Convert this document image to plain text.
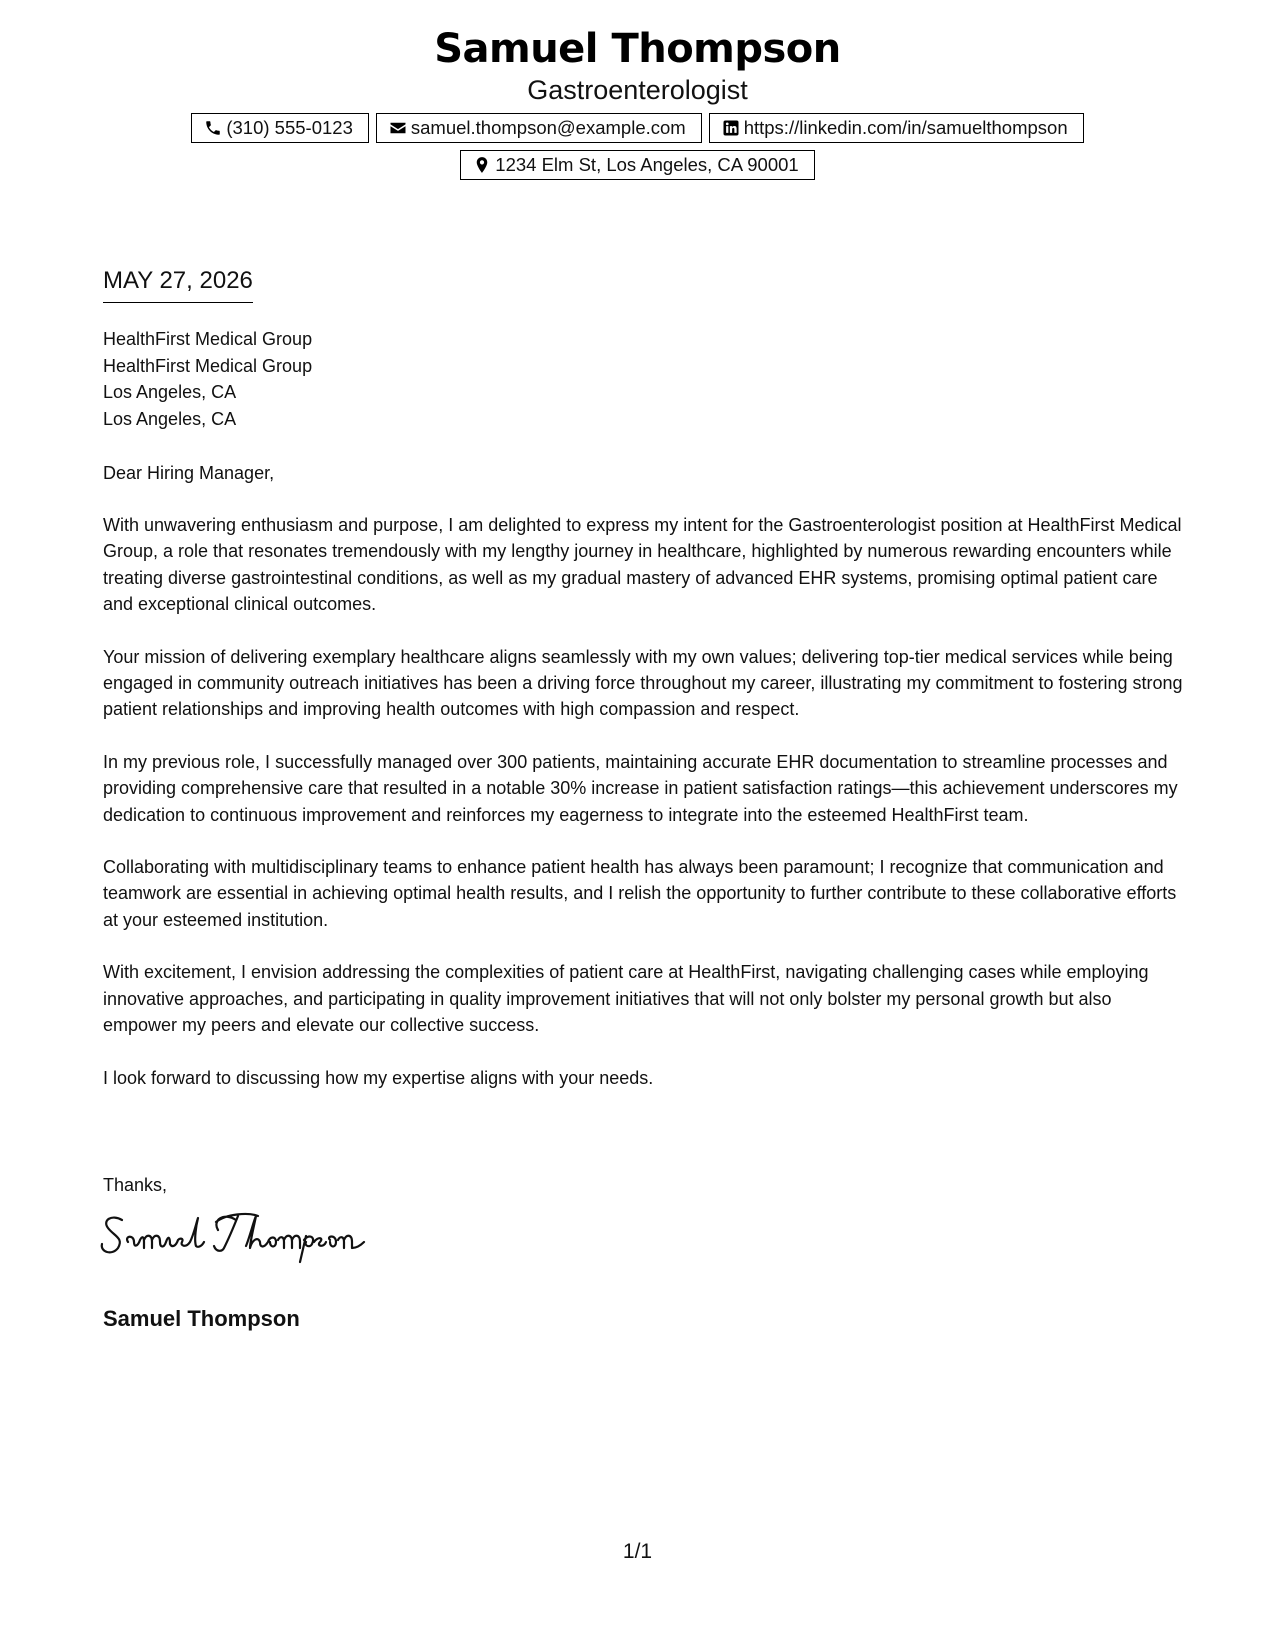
Samuel Thompson
Gastroenterologist
(310) 555-0123	samuel.thompson@example.com	https://linkedin.com/in/samuelthompson
1234 Elm St, Los Angeles, CA 90001
MAY 27, 2026
HealthFirst Medical Group
HealthFirst Medical Group
Los Angeles, CA
Los Angeles, CA
Dear Hiring Manager,

With unwavering enthusiasm and purpose, I am delighted to express my intent for the Gastroenterologist position at HealthFirst Medical Group, a role that resonates tremendously with my lengthy journey in healthcare, highlighted by numerous rewarding encounters while treating diverse gastrointestinal conditions, as well as my gradual mastery of advanced EHR systems, promising optimal patient care and exceptional clinical outcomes.

Your mission of delivering exemplary healthcare aligns seamlessly with my own values; delivering top-tier medical services while being engaged in community outreach initiatives has been a driving force throughout my career, illustrating my commitment to fostering strong patient relationships and improving health outcomes with high compassion and respect.

In my previous role, I successfully managed over 300 patients, maintaining accurate EHR documentation to streamline processes and providing comprehensive care that resulted in a notable 30% increase in patient satisfaction ratings—this achievement underscores my dedication to continuous improvement and reinforces my eagerness to integrate into the esteemed HealthFirst team.

Collaborating with multidisciplinary teams to enhance patient health has always been paramount; I recognize that communication and teamwork are essential in achieving optimal health results, and I relish the opportunity to further contribute to these collaborative efforts at your esteemed institution.

With excitement, I envision addressing the complexities of patient care at HealthFirst, navigating challenging cases while employing innovative approaches, and participating in quality improvement initiatives that will not only bolster my personal growth but also empower my peers and elevate our collective success.

I look forward to discussing how my expertise aligns with your needs.

Thanks,
Samuel Thompson
1/1
